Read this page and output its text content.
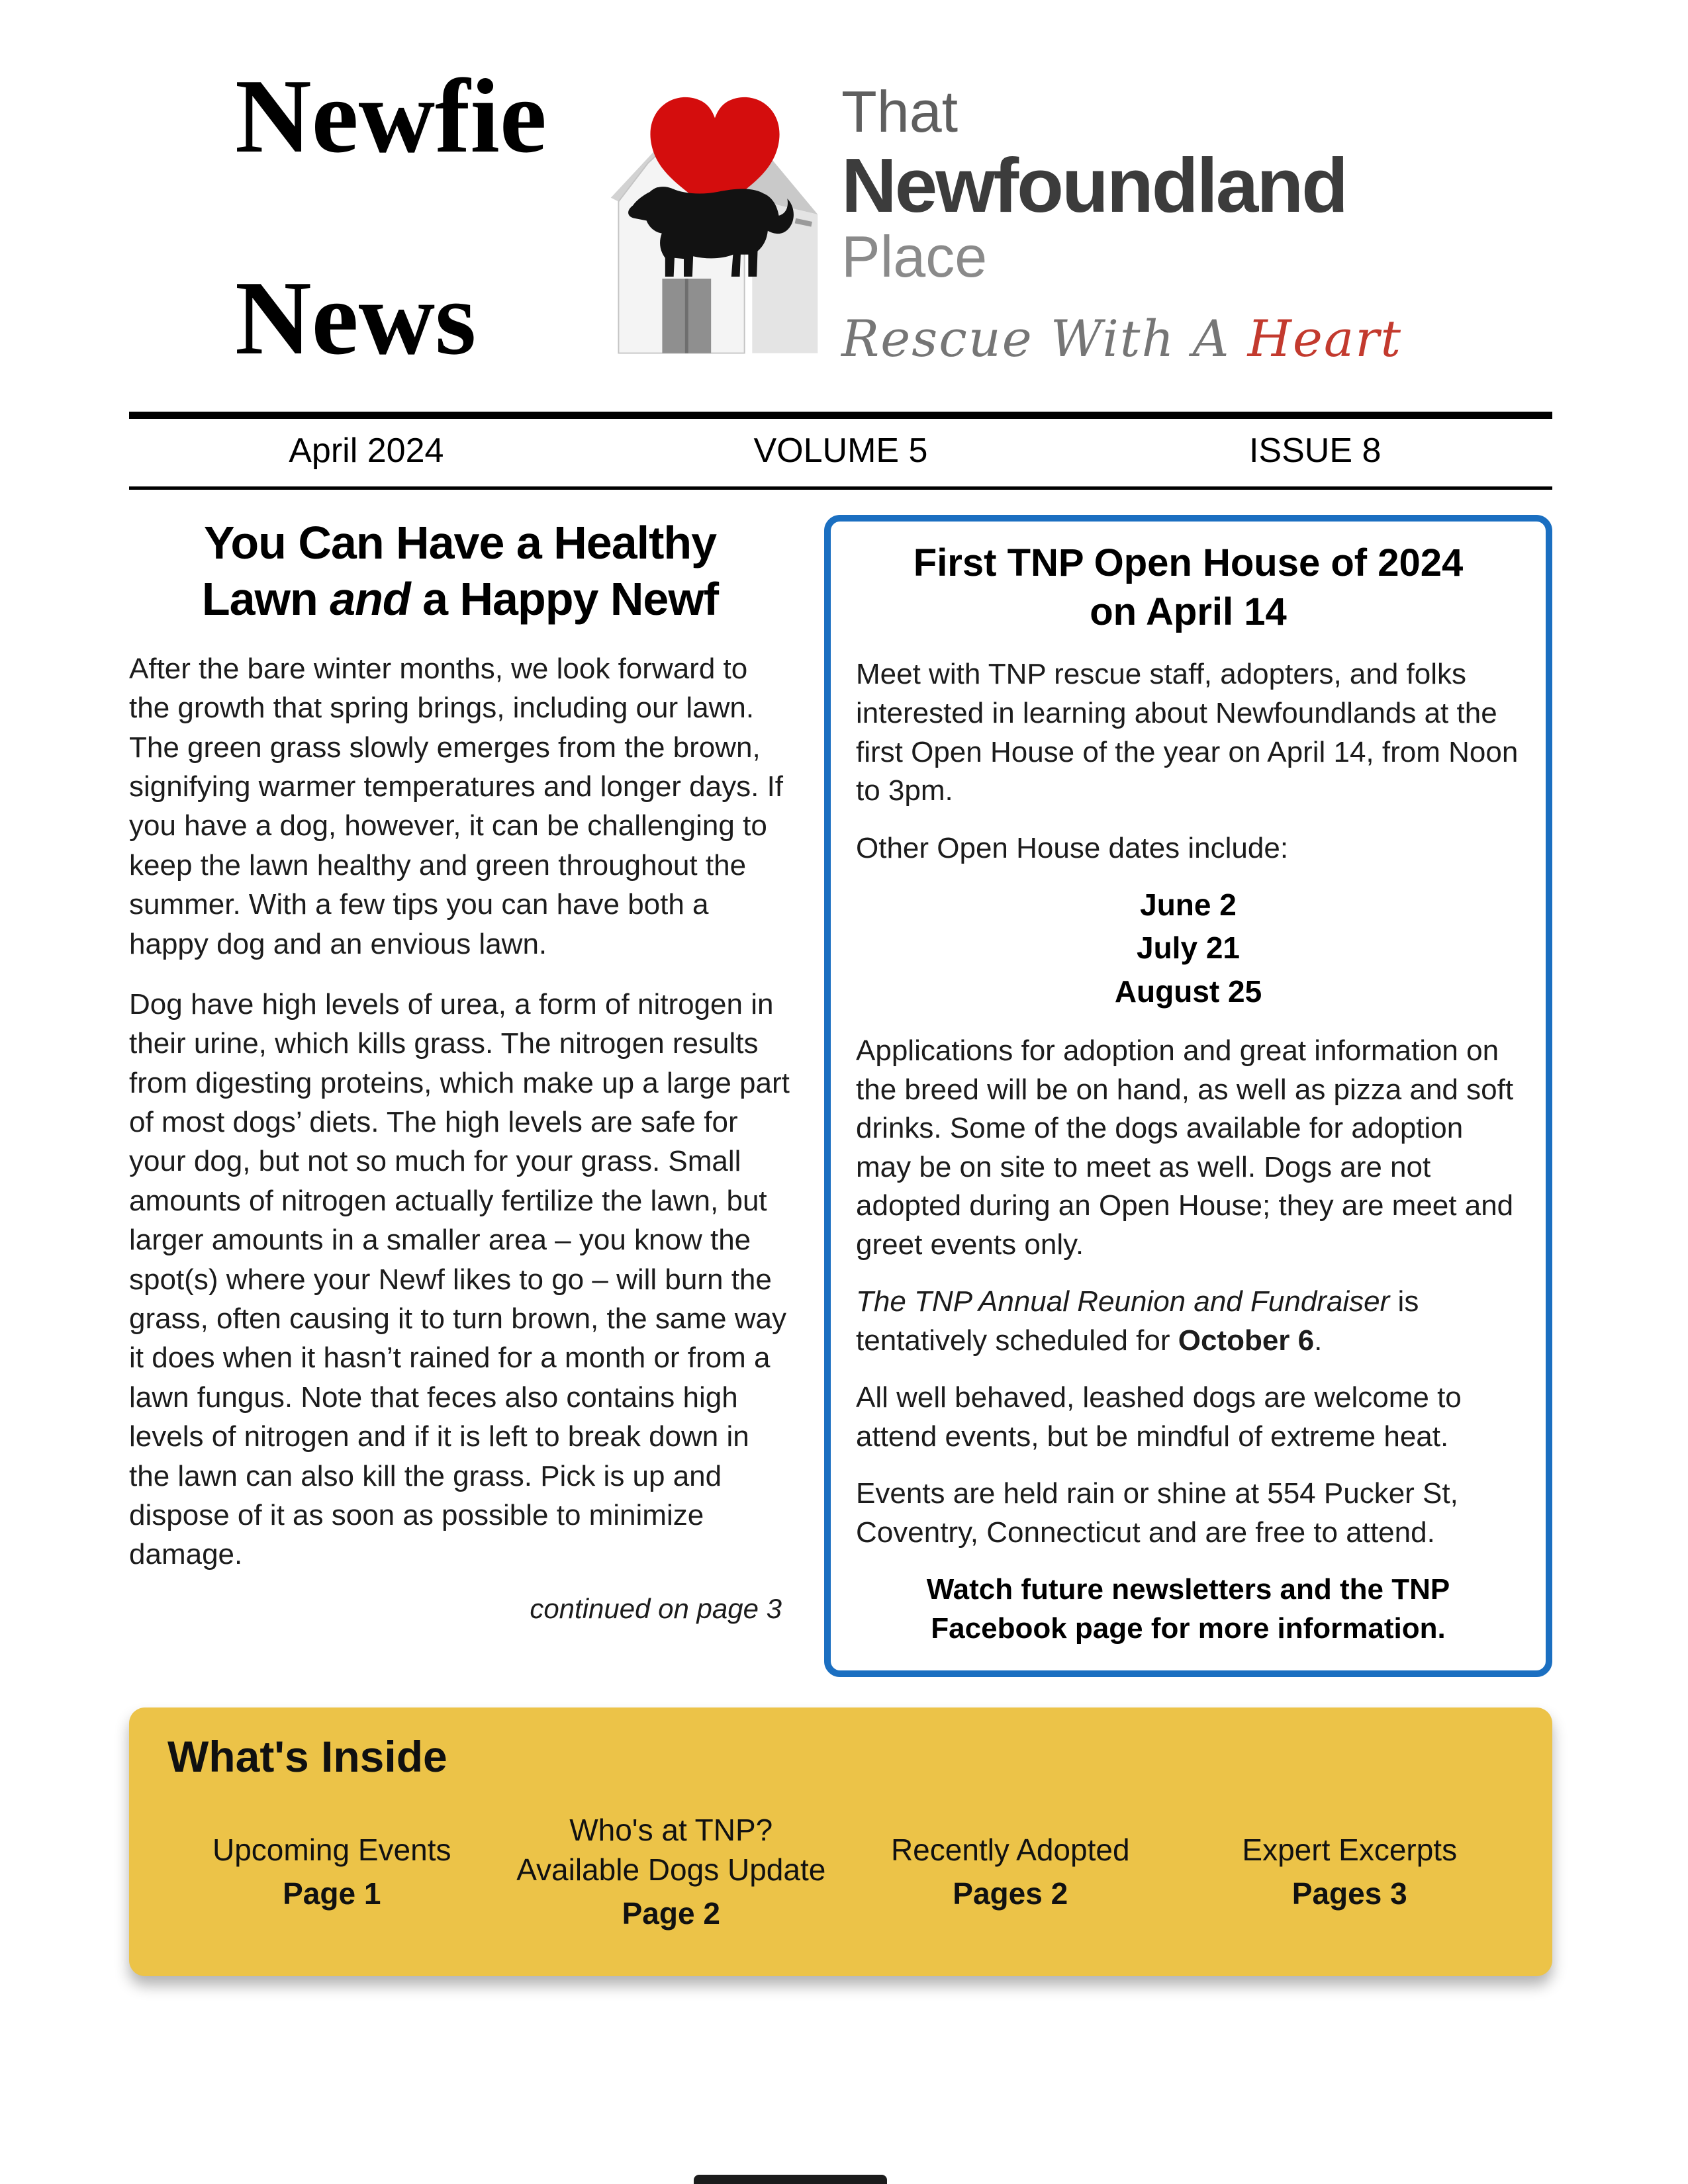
Newfie
News
That
Newfoundland
Place
Rescue With A Heart
April 2024	VOLUME 5	ISSUE 8
You Can Have a Healthy
Lawn and a Happy Newf

After the bare winter months, we look forward to the growth that spring brings, including our lawn. The green grass slowly emerges from the brown, signifying warmer temperatures and longer days. If you have a dog, however, it can be challenging to keep the lawn healthy and green throughout the summer. With a few tips you can have both a happy dog and an envious lawn.

Dog have high levels of urea, a form of nitrogen in their urine, which kills grass. The nitrogen results from digesting proteins, which make up a large part of most dogs’ diets. The high levels are safe for your dog, but not so much for your grass. Small amounts of nitrogen actually fertilize the lawn, but larger amounts in a smaller area – you know the spot(s) where your Newf likes to go – will burn the grass, often causing it to turn brown, the same way it does when it hasn’t rained for a month or from a lawn fungus. Note that feces also contains high levels of nitrogen and if it is left to break down in the lawn can also kill the grass. Pick is up and dispose of it as soon as possible to minimize damage.

continued on page 3
First TNP Open House of 2024
on April 14

Meet with TNP rescue staff, adopters, and folks interested in learning about Newfoundlands at the first Open House of the year on April 14, from Noon to 3pm.

Other Open House dates include:

June 2
July 21
August 25

Applications for adoption and great information on the breed will be on hand, as well as pizza and soft drinks. Some of the dogs available for adoption may be on site to meet as well. Dogs are not adopted during an Open House; they are meet and greet events only.

The TNP Annual Reunion and Fundraiser is tentatively scheduled for October 6.

All well behaved, leashed dogs are welcome to attend events, but be mindful of extreme heat.

Events are held rain or shine at 554 Pucker St, Coventry, Connecticut and are free to attend.

Watch future newsletters and the TNP Facebook page for more information.

What's Inside
Upcoming Events
Page 1
Who's at TNP? Available Dogs Update
Page 2
Recently Adopted
Pages 2
Expert Excerpts
Pages 3
